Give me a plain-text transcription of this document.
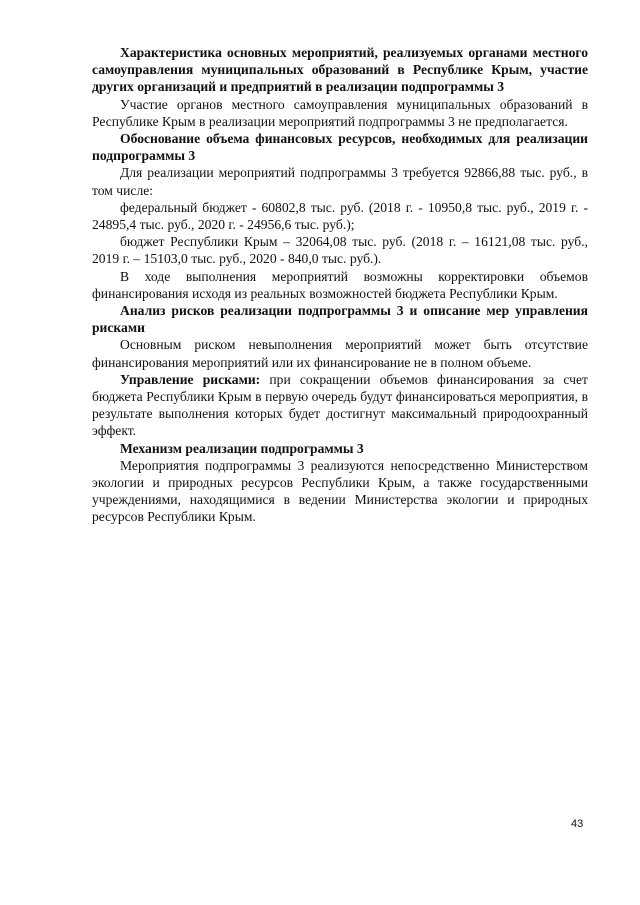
Характеристика основных мероприятий, реализуемых органами местного самоуправления муниципальных образований в Республике Крым, участие других организаций и предприятий в реализации подпрограммы 3

Участие органов местного самоуправления муниципальных образований в Республике Крым в реализации мероприятий подпрограммы 3 не предполагается.

Обоснование объема финансовых ресурсов, необходимых для реализации подпрограммы 3

Для реализации мероприятий подпрограммы 3 требуется 92866,88 тыс. руб., в том числе:

федеральный бюджет - 60802,8 тыс. руб. (2018 г. - 10950,8 тыс. руб., 2019 г. - 24895,4 тыс. руб., 2020 г. - 24956,6 тыс. руб.);

бюджет Республики Крым – 32064,08 тыс. руб. (2018 г. – 16121,08 тыс. руб., 2019 г. – 15103,0 тыс. руб., 2020 - 840,0 тыс. руб.).

В ходе выполнения мероприятий возможны корректировки объемов финансирования исходя из реальных возможностей бюджета Республики Крым.

Анализ рисков реализации подпрограммы 3 и описание мер управления рисками

Основным риском невыполнения мероприятий может быть отсутствие финансирования мероприятий или их финансирование не в полном объеме.

Управление рисками: при сокращении объемов финансирования за счет бюджета Республики Крым в первую очередь будут финансироваться мероприятия, в результате выполнения которых будет достигнут максимальный природоохранный эффект.

Механизм реализации подпрограммы 3

Мероприятия подпрограммы 3 реализуются непосредственно Министерством экологии и природных ресурсов Республики Крым, а также государственными учреждениями, находящимися в ведении Министерства экологии и природных ресурсов Республики Крым.

43
